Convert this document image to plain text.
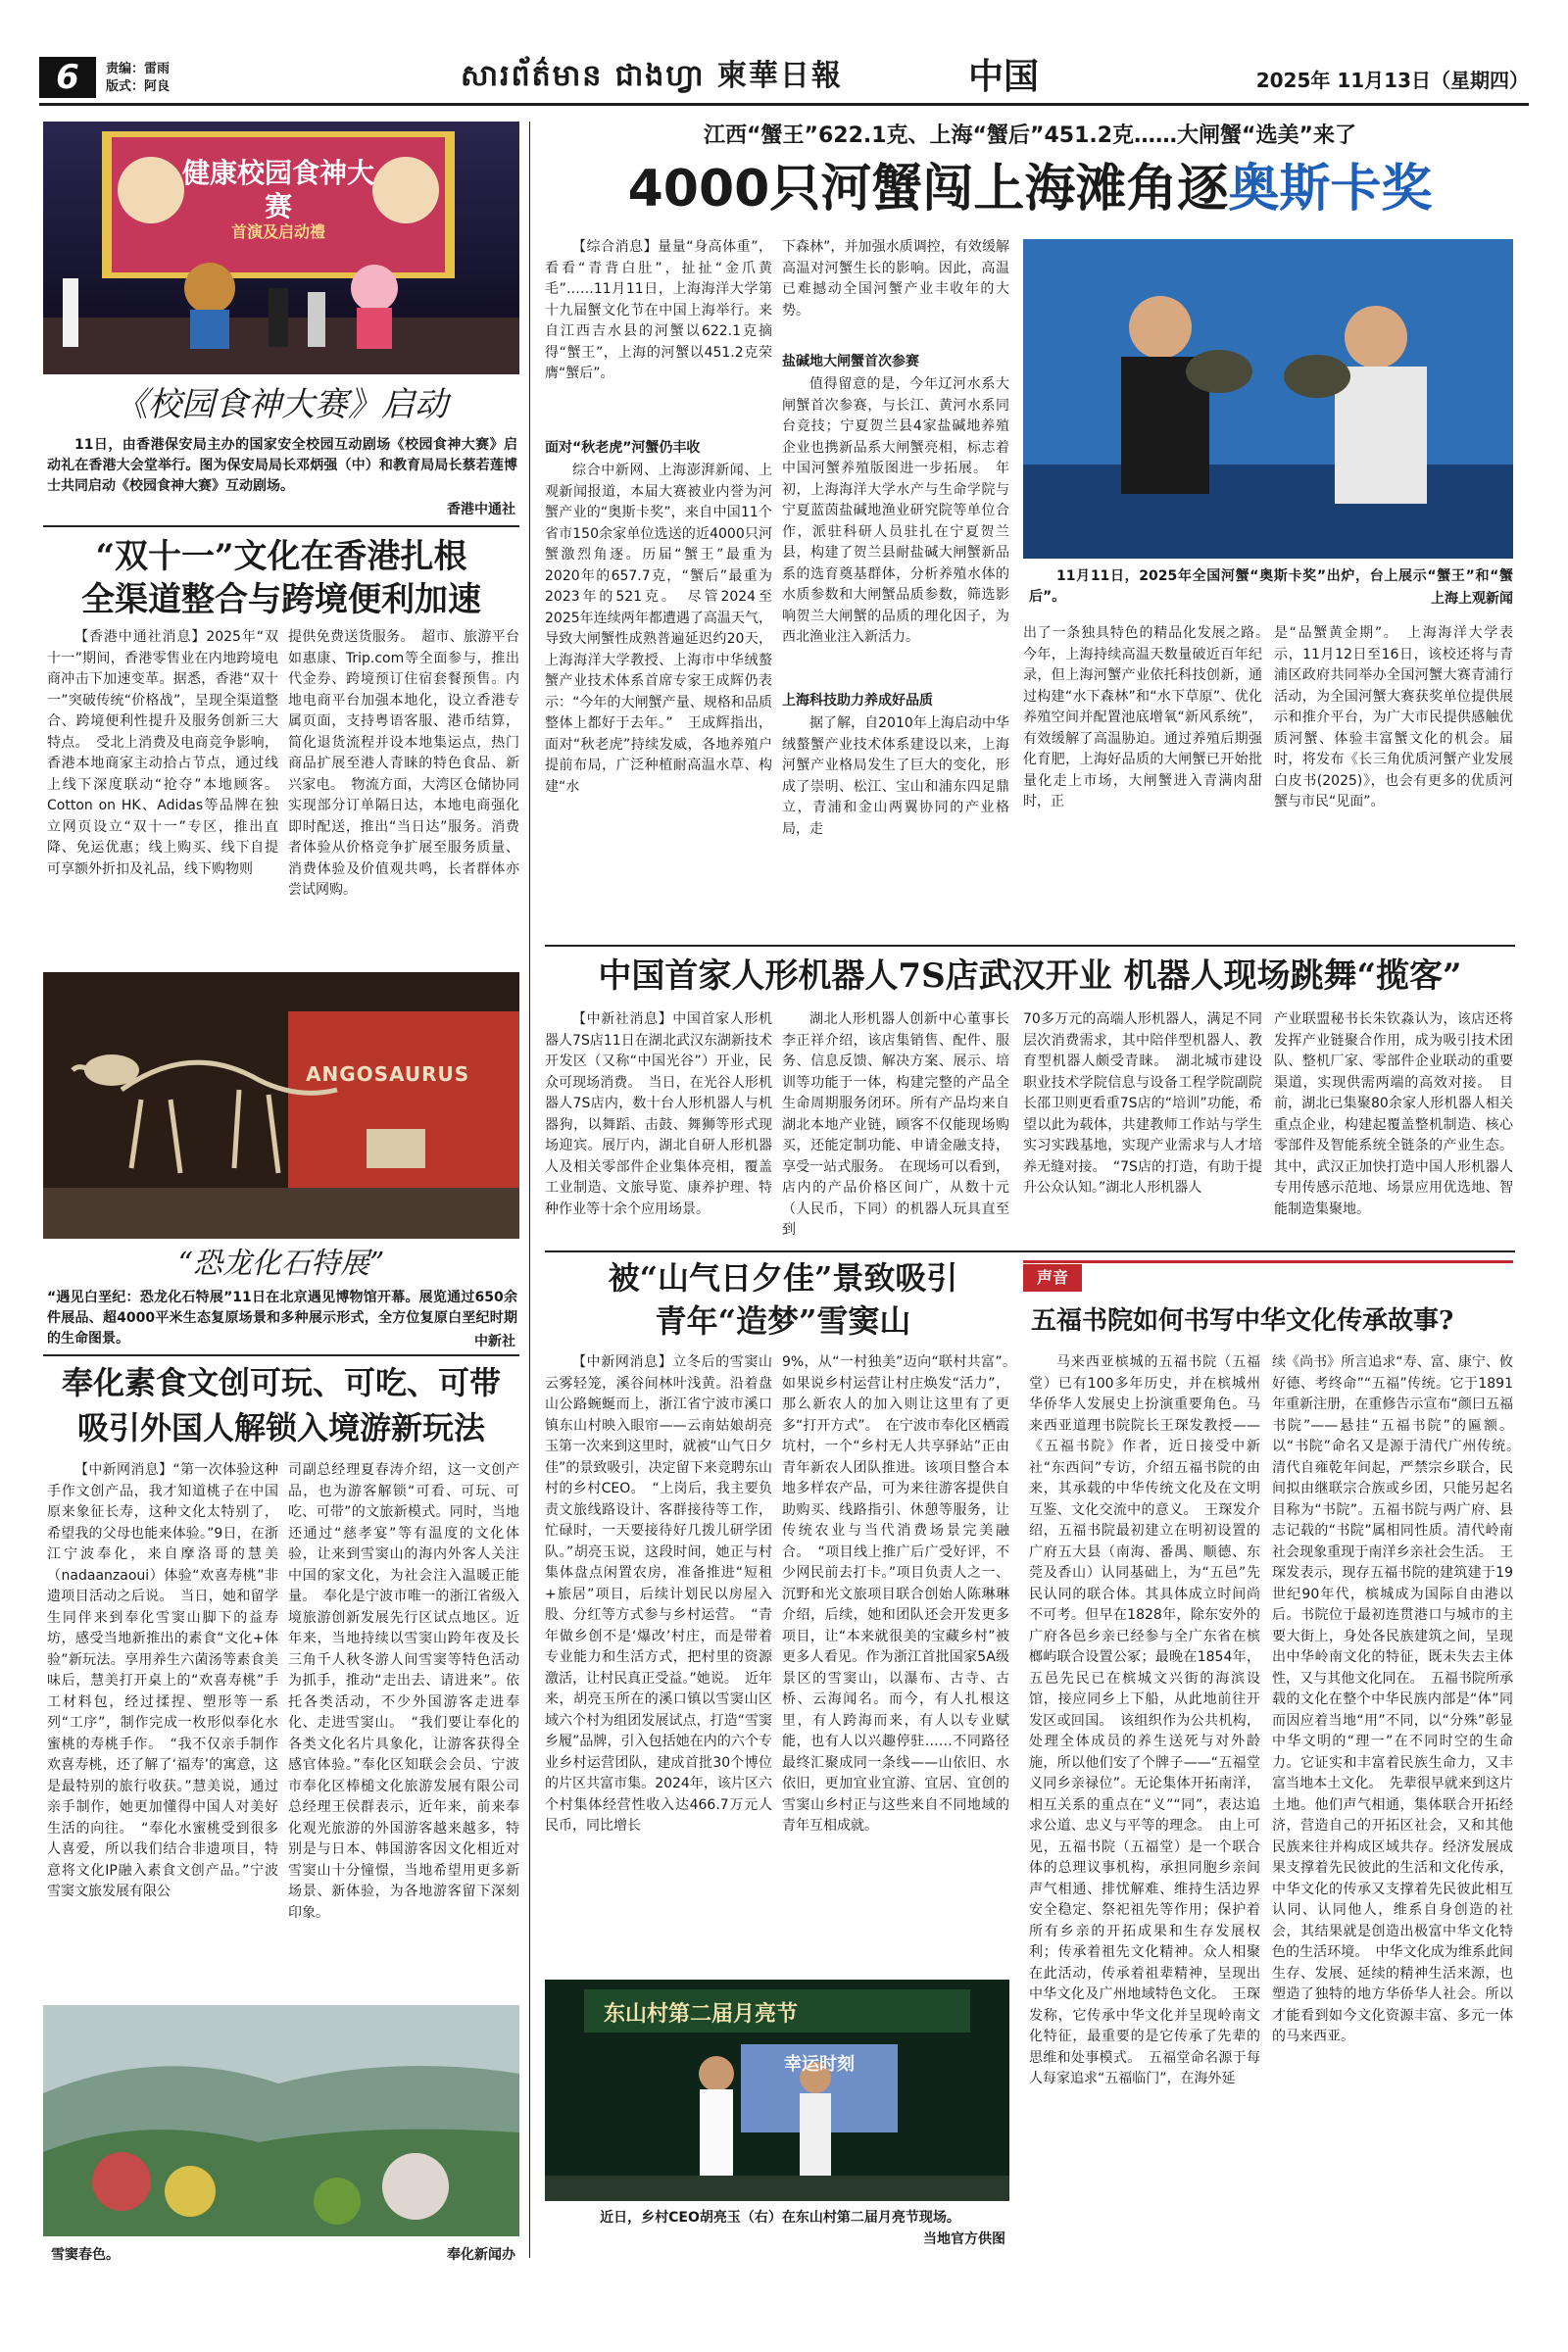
6	责编：雷雨
版式：阿良	សារព័ត៌មាន ជាងហ្វា 柬華日報	中国	2025年 11月13日（星期四）
健康校园食神大赛
首演及启动禮
《校园食神大赛》启动
11日，由香港保安局主办的国家安全校园互动剧场《校园食神大赛》启动礼在香港大会堂举行。图为保安局局长邓炳强（中）和教育局局长蔡若莲博士共同启动《校园食神大赛》互动剧场。
香港中通社
“双十一”文化在香港扎根
全渠道整合与跨境便利加速
【香港中通社消息】2025年“双十一”期间，香港零售业在内地跨境电商冲击下加速变革。据悉，香港“双十一”突破传统“价格战”，呈现全渠道整合、跨境便利性提升及服务创新三大特点。　受北上消费及电商竞争影响，香港本地商家主动拾占节点，通过线上线下深度联动“抢夺”本地顾客。Cotton on HK、Adidas等品牌在独立网页设立“双十一”专区，推出直降、免运优惠；线上购买、线下自提可享额外折扣及礼品，线下购物则
提供免费送货服务。　超市、旅游平台如惠康、Trip.com等全面参与，推出代金券、跨境预订住宿套餐预售。内地电商平台加强本地化，设立香港专属页面，支持粤语客服、港币结算，简化退货流程并设本地集运点，热门商品扩展至港人青睐的特色食品、新兴家电。　物流方面，大湾区仓储协同实现部分订单隔日达，本地电商强化即时配送，推出“当日达”服务。消费者体验从价格竞争扩展至服务质量、消费体验及价值观共鸣，长者群体亦尝试网购。
ANGOSAURUS
“恐龙化石特展”
“遇见白垩纪：恐龙化石特展”11日在北京遇见博物馆开幕。展览通过650余件展品、超4000平米生态复原场景和多种展示形式，全方位复原白垩纪时期的生命图景。	中新社
奉化素食文创可玩、可吃、可带
吸引外国人解锁入境游新玩法
【中新网消息】“第一次体验这种手作文创产品，我才知道桃子在中国原来象征长寿，这种文化太特别了，希望我的父母也能来体验。”9日，在浙江宁波奉化，来自摩洛哥的慧美（nadaanzaoui）体验“欢喜寿桃”非遗项目活动之后说。　当日，她和留学生同伴来到奉化雪窦山脚下的益寿坊，感受当地新推出的素食“文化+体验”新玩法。享用养生六菌汤等素食美味后，慧美打开桌上的“欢喜寿桃”手工材料包，经过揉捏、塑形等一系列“工序”，制作完成一枚形似奉化水蜜桃的寿桃手作。　“我不仅亲手制作欢喜寿桃，还了解了‘福寿’的寓意，这是最特别的旅行收获。”慧美说，通过亲手制作，她更加懂得中国人对美好生活的向往。　“奉化水蜜桃受到很多人喜爱，所以我们结合非遗项目，特意将文化IP融入素食文创产品。”宁波雪窦文旅发展有限公
司副总经理夏春涛介绍，这一文创产品，也为游客解锁“可看、可玩、可吃、可带”的文旅新模式。同时，当地还通过“慈孝宴”等有温度的文化体验，让来到雪窦山的海内外客人关注中国的家文化，为社会注入温暖正能量。　奉化是宁波市唯一的浙江省级入境旅游创新发展先行区试点地区。近年来，当地持续以雪窦山跨年夜及长三角千人秋冬游人间雪窦等特色活动为抓手，推动“走出去、请进来”。依托各类活动，不少外国游客走进奉化、走进雪窦山。　“我们要让奉化的各类文化名片具象化，让游客获得全感官体验。”奉化区知联会会员、宁波市奉化区棒槌文化旅游发展有限公司总经理王侯群表示，近年来，前来奉化观光旅游的外国游客越来越多，特别是与日本、韩国游客因文化相近对雪窦山十分憧憬，当地希望用更多新场景、新体验，为各地游客留下深刻印象。
雪窦春色。	奉化新闻办
江西“蟹王”622.1克、上海“蟹后”451.2克……大闸蟹“选美”来了
4000只河蟹闯上海滩角逐奥斯卡奖
【综合消息】量量“身高体重”，看看“青背白肚”，扯扯“金爪黄毛”……11月11日，上海海洋大学第十九届蟹文化节在中国上海举行。来自江西吉水县的河蟹以622.1克摘得“蟹王”，上海的河蟹以451.2克荣膺“蟹后”。
面对“秋老虎”河蟹仍丰收
综合中新网、上海澎湃新闻、上观新闻报道，本届大赛被业内誉为河蟹产业的“奥斯卡奖”，来自中国11个省市150余家单位选送的近4000只河蟹激烈角逐。历届“蟹王”最重为2020年的657.7克，“蟹后”最重为2023年的521克。　尽管2024至2025年连续两年都遭遇了高温天气，导致大闸蟹性成熟普遍延迟约20天，上海海洋大学教授、上海市中华绒螯蟹产业技术体系首席专家王成辉仍表示：“今年的大闸蟹产量、规格和品质整体上都好于去年。”　王成辉指出，面对“秋老虎”持续发威，各地养殖户提前布局，广泛种植耐高温水草、构建“水
下森林”，并加强水质调控，有效缓解高温对河蟹生长的影响。因此，高温已难撼动全国河蟹产业丰收年的大势。
盐碱地大闸蟹首次参赛
值得留意的是，今年辽河水系大闸蟹首次参赛，与长江、黄河水系同台竞技；宁夏贺兰县4家盐碱地养殖企业也携新品系大闸蟹亮相，标志着中国河蟹养殖版图进一步拓展。　年初，上海海洋大学水产与生命学院与宁夏蓝茵盐碱地渔业研究院等单位合作，派驻科研人员驻扎在宁夏贺兰县，构建了贺兰县耐盐碱大闸蟹新品系的选育奠基群体，分析养殖水体的水质参数和大闸蟹品质参数，筛选影响贺兰大闸蟹的品质的理化因子，为西北渔业注入新活力。
上海科技助力养成好品质
据了解，自2010年上海启动中华绒螯蟹产业技术体系建设以来，上海河蟹产业格局发生了巨大的变化，形成了崇明、松江、宝山和浦东四足鼎立，青浦和金山两翼协同的产业格局，走
11月11日，2025年全国河蟹“奥斯卡奖”出炉，台上展示“蟹王”和“蟹后”。	上海上观新闻
出了一条独具特色的精品化发展之路。　今年，上海持续高温天数量破近百年纪录，但上海河蟹产业依托科技创新，通过构建“水下森林”和“水下草原”、优化养殖空间并配置池底增氧“新风系统”，有效缓解了高温胁迫。通过养殖后期强化育肥，上海好品质的大闸蟹已开始批量化走上市场，大闸蟹进入青满肉甜时，正
是“品蟹黄金期”。　上海海洋大学表示，11月12日至16日，该校还将与青浦区政府共同举办全国河蟹大赛青浦行活动，为全国河蟹大赛获奖单位提供展示和推介平台，为广大市民提供感触优质河蟹、体验丰富蟹文化的机会。届时，将发布《长三角优质河蟹产业发展白皮书(2025)》，也会有更多的优质河蟹与市民“见面”。
中国首家人形机器人7S店武汉开业 机器人现场跳舞“揽客”
【中新社消息】中国首家人形机器人7S店11日在湖北武汉东湖新技术开发区（又称“中国光谷”）开业，民众可现场消费。　当日，在光谷人形机器人7S店内，数十台人形机器人与机器狗，以舞蹈、击鼓、舞狮等形式现场迎宾。展厅内，湖北自研人形机器人及相关零部件企业集体亮相，覆盖工业制造、文旅导览、康养护理、特种作业等十余个应用场景。
湖北人形机器人创新中心董事长李正祥介绍，该店集销售、配件、服务、信息反馈、解决方案、展示、培训等功能于一体，构建完整的产品全生命周期服务闭环。所有产品均来自湖北本地产业链，顾客不仅能现场购买，还能定制功能、申请金融支持，享受一站式服务。　在现场可以看到，店内的产品价格区间广，从数十元（人民币，下同）的机器人玩具直至到
70多万元的高端人形机器人，满足不同层次消费需求，其中陪伴型机器人、教育型机器人颇受青睐。　湖北城市建设职业技术学院信息与设备工程学院副院长邵卫则更看重7S店的“培训”功能，希望以此为载体，共建教师工作站与学生实习实践基地，实现产业需求与人才培养无缝对接。　“7S店的打造，有助于提升公众认知。”湖北人形机器人
产业联盟秘书长朱钦淼认为，该店还将发挥产业链聚合作用，成为吸引技术团队、整机厂家、零部件企业联动的重要渠道，实现供需两端的高效对接。　目前，湖北已集聚80余家人形机器人相关重点企业，构建起覆盖整机制造、核心零部件及智能系统全链条的产业生态。其中，武汉正加快打造中国人形机器人专用传感示范地、场景应用优选地、智能制造集聚地。
被“山气日夕佳”景致吸引
青年“造梦”雪窦山
【中新网消息】立冬后的雪窦山云雾轻笼，溪谷间林叶浅黄。沿着盘山公路蜿蜒而上，浙江省宁波市溪口镇东山村映入眼帘——云南姑娘胡亮玉第一次来到这里时，就被“山气日夕佳”的景致吸引，决定留下来竞聘东山村的乡村CEO。　“上岗后，我主要负责文旅线路设计、客群接待等工作，忙碌时，一天要接待好几拨儿研学团队。”胡亮玉说，这段时间，她正与村集体盘点闲置农房，准备推进“短租+旅居”项目，后续计划民以房屋入股、分红等方式参与乡村运营。　“青年做乡创不是‘爆改’村庄，而是带着专业能力和生活方式，把村里的资源激活，让村民真正受益。”她说。　近年来，胡亮玉所在的溪口镇以雪窦山区域六个村为组团发展试点，打造“雪窦乡履”品牌，引入包括她在内的六个专业乡村运营团队，建成首批30个博位的片区共富市集。2024年，该片区六个村集体经营性收入达466.7万元人民币，同比增长
9%，从“一村独美”迈向“联村共富”。　如果说乡村运营让村庄焕发“活力”，那么新农人的加入则让这里有了更多“打开方式”。　在宁波市奉化区栖霞坑村，一个“乡村无人共享驿站”正由青年新农人团队推进。该项目整合本地多样农产品，可为来往游客提供自助购买、线路指引、休憩等服务，让传统农业与当代消费场景完美融合。　“项目线上推广后广受好评，不少网民前去打卡。”项目负责人之一、沉野和光文旅项目联合创始人陈琳琳介绍，后续，她和团队还会开发更多项目，让“本来就很美的宝藏乡村”被更多人看见。作为浙江首批国家5A级景区的雪窦山，以瀑布、古寺、古桥、云海闻名。而今，有人扎根这里，有人跨海而来，有人以专业赋能，也有人以兴趣停驻……不同路径最终汇聚成同一条线——山依旧、水依旧，更加宜业宜游、宜居、宜创的雪窦山乡村正与这些来自不同地域的青年互相成就。
东山村第二届月亮节
幸运时刻
近日，乡村CEO胡亮玉（右）在东山村第二届月亮节现场。
当地官方供图
声音
五福书院如何书写中华文化传承故事?
马来西亚槟城的五福书院（五福堂）已有100多年历史，并在槟城州华侨华人发展史上扮演重要角色。马来西亚道理书院院长王琛发教授——《五福书院》作者，近日接受中新社“东西问”专访，介绍五福书院的由来，其承载的中华传统文化及在文明互鉴、文化交流中的意义。　王琛发介绍，五福书院最初建立在明初设置的广府五大县（南海、番禺、顺德、东莞及香山）认同基础上，为“五邑”先民认同的联合体。其具体成立时间尚不可考。但早在1828年，除东安外的广府各邑乡亲已经参与全广东省在槟榔屿联合设置公冢；最晚在1854年，五邑先民已在槟城文兴街的海滨设馆，接应同乡上下船，从此地前往开发区或回国。　该组织作为公共机构，处理全体成员的养生送死与对外龄施，所以他们安了个牌子——“五福堂义同乡亲禄位”。无论集体开拓南洋，相互关系的重点在“义”“同”，表达追求公道、忠义与平等的理念。　由上可见，五福书院（五福堂）是一个联合体的总理议事机构，承担同胞乡亲间声气相通、排忧解难、维持生活边界安全稳定、祭祀祖先等作用；保护着所有乡亲的开拓成果和生存发展权利；传承着祖先文化精神。众人相聚在此活动，传承着祖辈精神，呈现出中华文化及广州地域特色文化。　王琛发称，它传承中华文化并呈现岭南文化特征，最重要的是它传承了先辈的思维和处事模式。　五福堂命名源于每人每家追求“五福临门”，在海外延
续《尚书》所言追求“寿、富、康宁、攸好德、考终命”“五福”传统。它于1891年重新注册，在重修告示宣布“颜曰五福书院”——悬挂“五福书院”的匾额。以“书院”命名又是源于清代广州传统。　清代自雍乾年间起，严禁宗乡联合，民间拟由继联宗合族或乡团，只能另起名目称为“书院”。五福书院与两广府、县志记载的“书院”属相同性质。清代岭南社会现象重现于南洋乡亲社会生活。　王琛发表示，现存五福书院的建筑建于19世纪90年代，槟城成为国际自由港以后。书院位于最初连贯港口与城市的主要大街上，身处各民族建筑之间，呈现出中华岭南文化的特征，既未失去主体性，又与其他文化同在。　五福书院所承载的文化在整个中华民族内部是“体”同而因应着当地“用”不同，以“分殊”彰显中华文明的“理一”在不同时空的生命力。它证实和丰富着民族生命力，又丰富当地本土文化。　先辈很早就来到这片土地。他们声气相通，集体联合开拓经济，营造自己的开拓区社会，又和其他民族来往并构成区域共存。经济发展成果支撑着先民彼此的生活和文化传承，中华文化的传承又支撑着先民彼此相互认同、认同他人，维系自身创造的社会，其结果就是创造出极富中华文化特色的生活环境。　中华文化成为维系此间生存、发展、延续的精神生活来源，也塑造了独特的地方华侨华人社会。所以才能看到如今文化资源丰富、多元一体的马来西亚。
